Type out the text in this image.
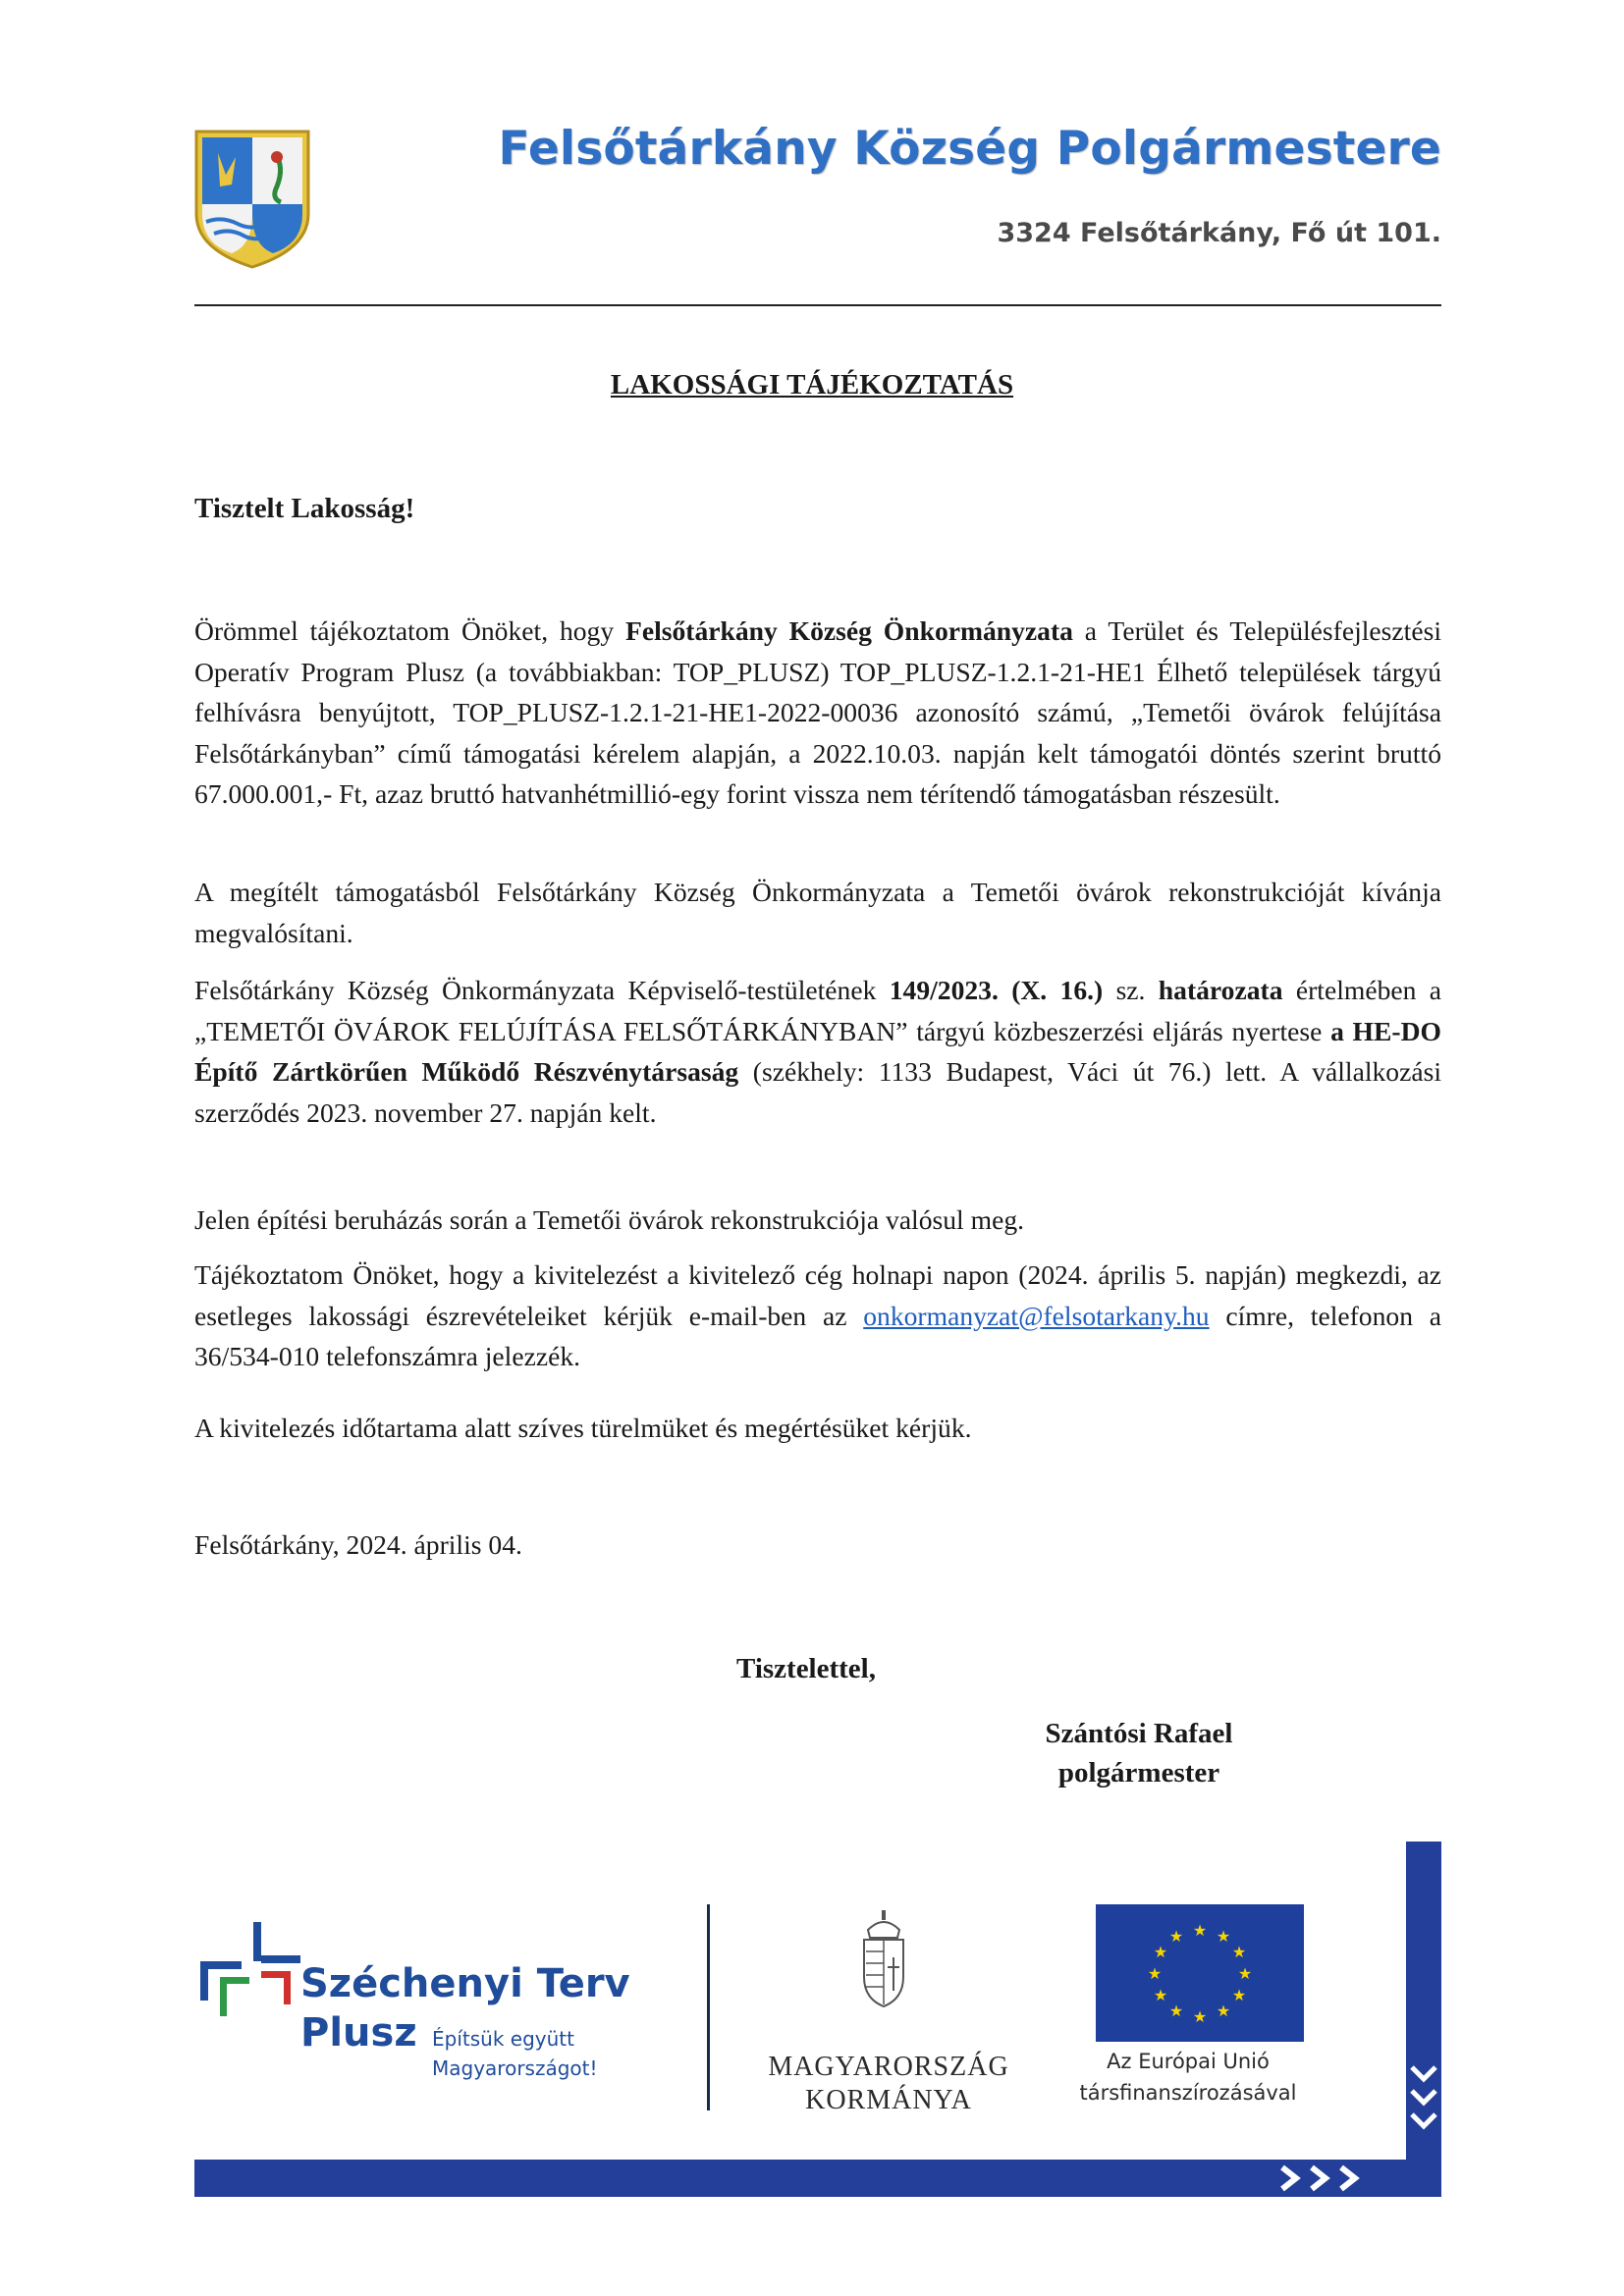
Felsőtárkány Község Polgármestere
3324 Felsőtárkány, Fő út 101.
LAKOSSÁGI TÁJÉKOZTATÁS
Tisztelt Lakosság!
Örömmel tájékoztatom Önöket, hogy Felsőtárkány Község Önkormányzata a Terület és Településfejlesztési Operatív Program Plusz (a továbbiakban: TOP_PLUSZ) TOP_PLUSZ-1.2.1-21-HE1 Élhető települések tárgyú felhívásra benyújtott, TOP_PLUSZ-1.2.1-21-HE1-2022-00036 azonosító számú, „Temetői övárok felújítása Felsőtárkányban” című támogatási kérelem alapján, a 2022.10.03. napján kelt támogatói döntés szerint bruttó 67.000.001,- Ft, azaz bruttó hatvanhétmillió-egy forint vissza nem térítendő támogatásban részesült.
A megítélt támogatásból Felsőtárkány Község Önkormányzata a Temetői övárok rekonstrukcióját kívánja megvalósítani.
Felsőtárkány Község Önkormányzata Képviselő-testületének 149/2023. (X. 16.) sz. határozata értelmében a „TEMETŐI ÖVÁROK FELÚJÍTÁSA FELSŐTÁRKÁNYBAN” tárgyú közbeszerzési eljárás nyertese a HE-DO Építő Zártkörűen Működő Részvénytársaság (székhely: 1133 Budapest, Váci út 76.) lett. A vállalkozási szerződés 2023. november 27. napján kelt.
Jelen építési beruházás során a Temetői övárok rekonstrukciója valósul meg.
Tájékoztatom Önöket, hogy a kivitelezést a kivitelező cég holnapi napon (2024. április 5. napján) megkezdi, az esetleges lakossági észrevételeiket kérjük e-mail-ben az onkormanyzat@felsotarkany.hu címre, telefonon a 36/534-010 telefonszámra jelezzék.
A kivitelezés időtartama alatt szíves türelmüket és megértésüket kérjük.
Felsőtárkány, 2024. április 04.
Tisztelettel,
Szántósi Rafael
polgármester
Széchenyi Terv
Plusz Építsük együtt
Magyarországot!	MAGYARORSZÁG
KORMÁNYA
★ ★
★
★
★
★
★
★
★
★
★
★
Az Európai Unió
társfinanszírozásával
